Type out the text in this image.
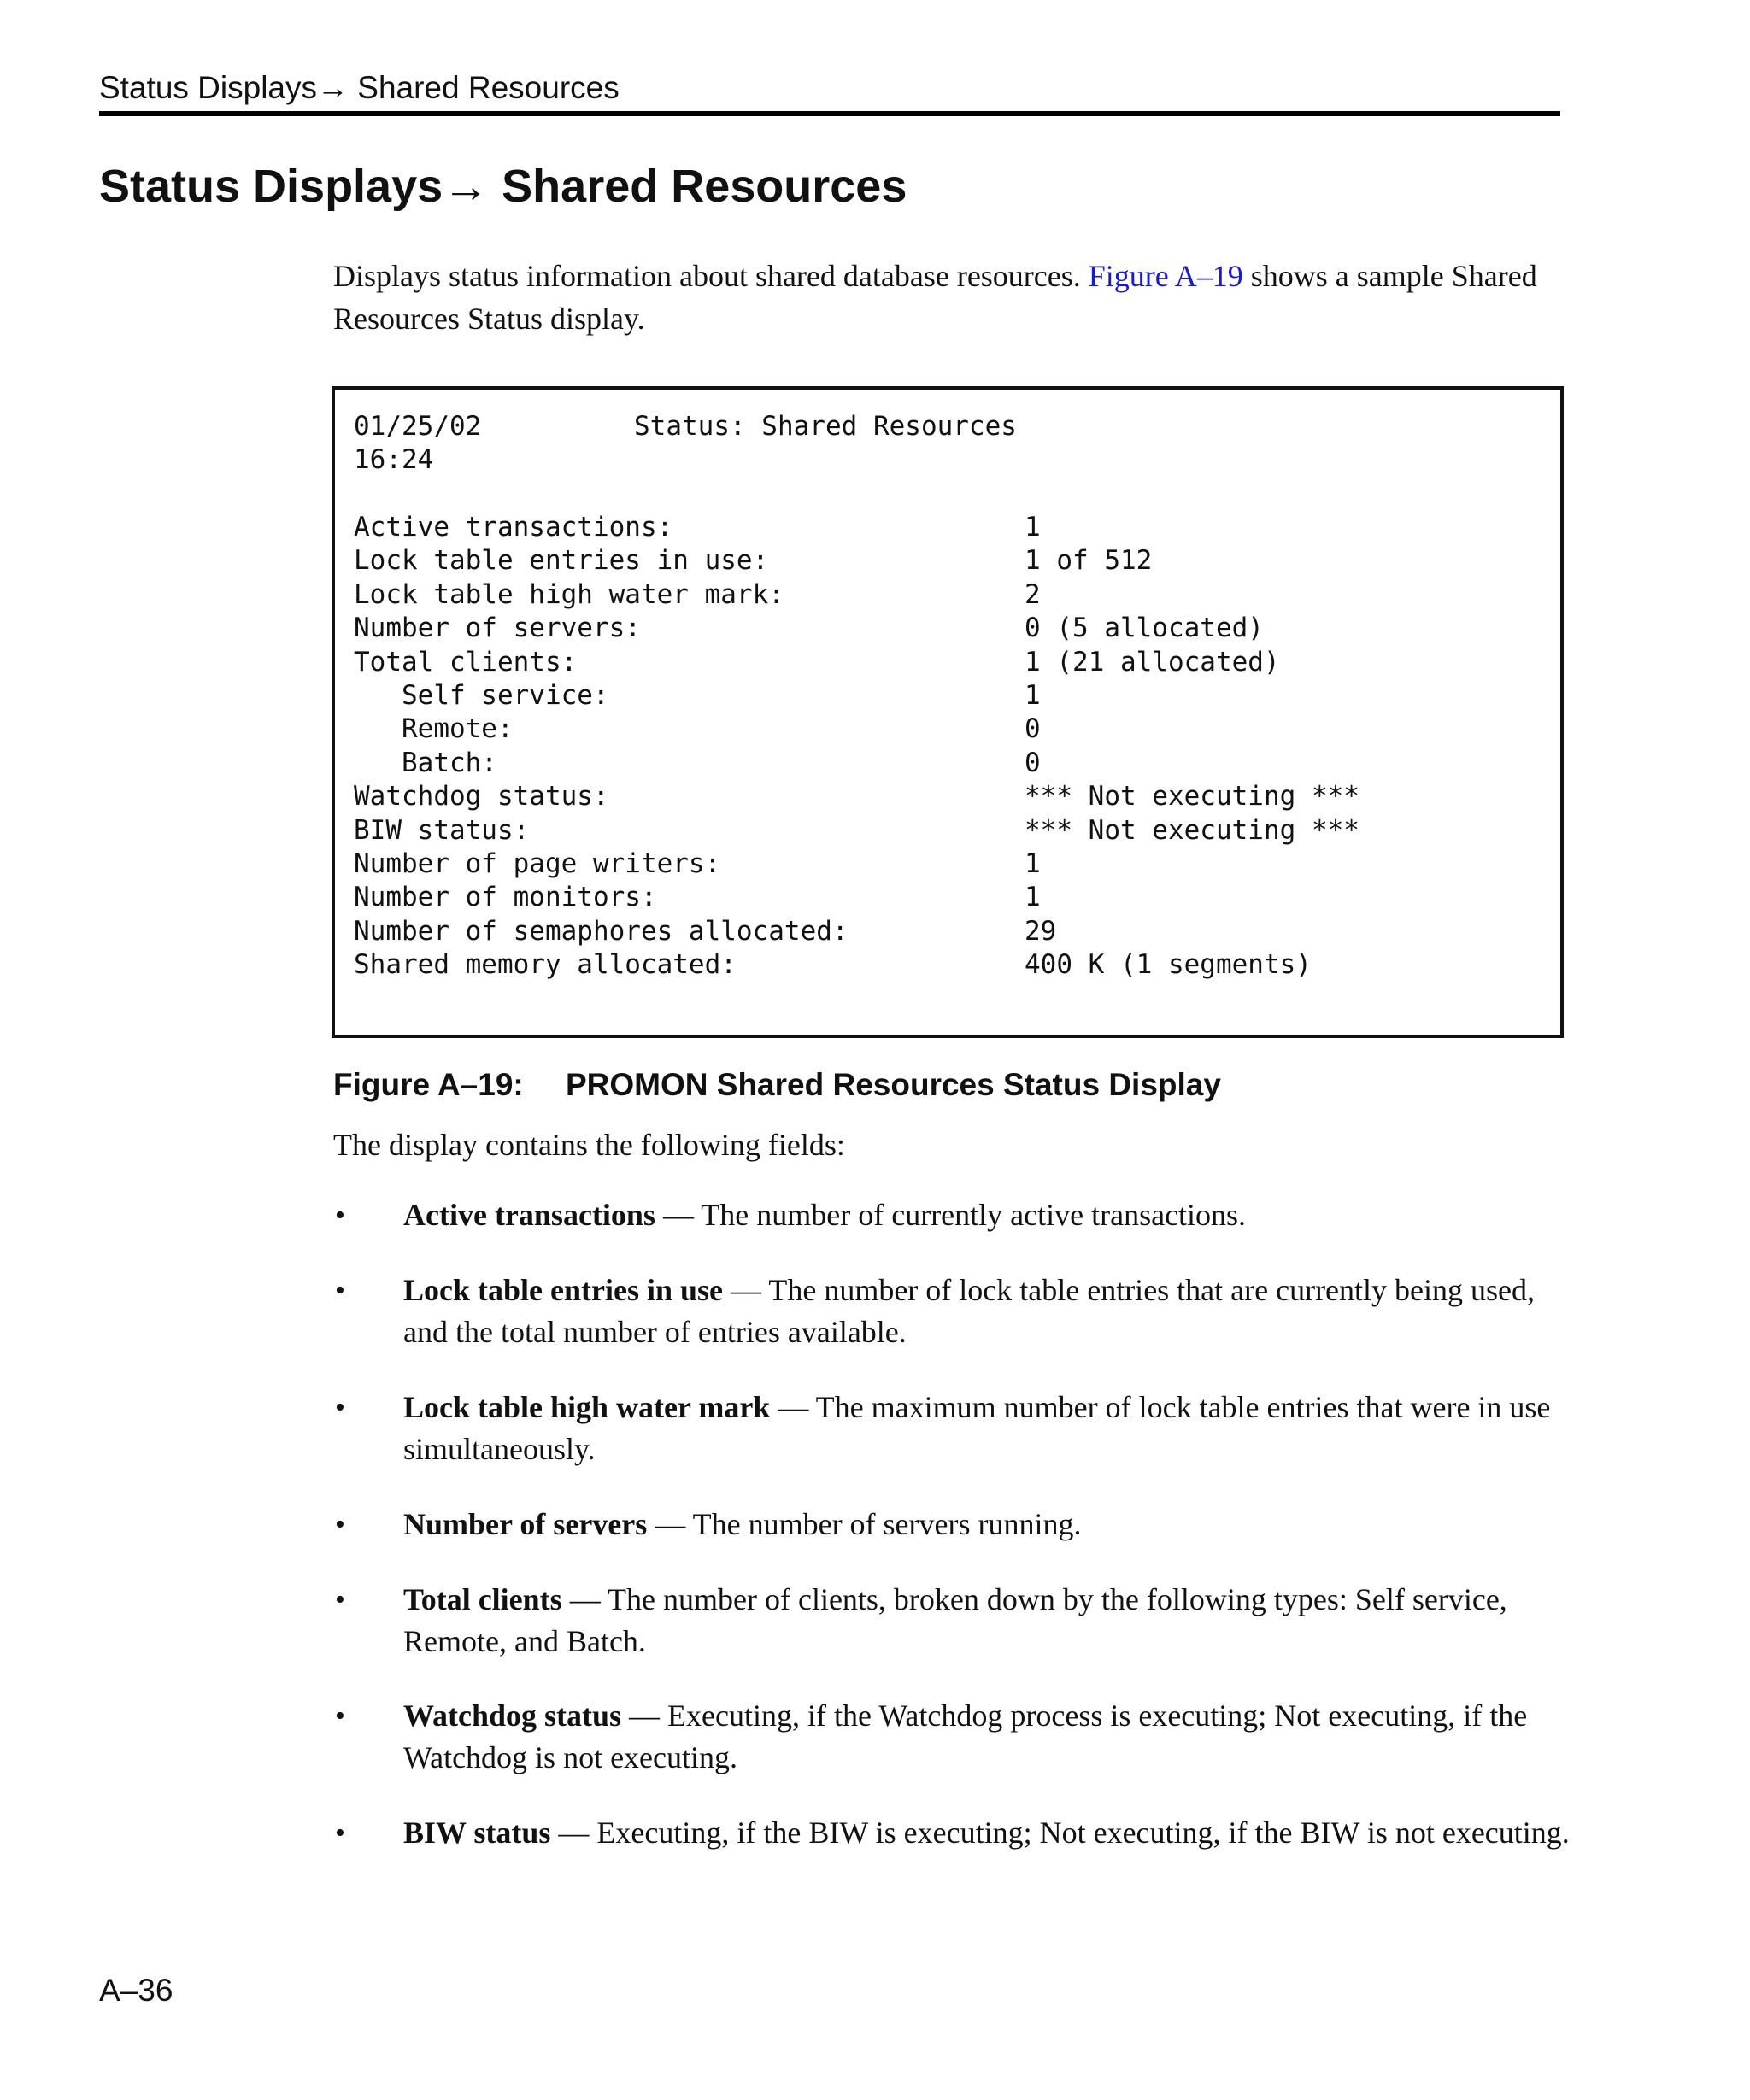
Status Displays→ Shared Resources
Status Displays→ Shared Resources

Displays status information about shared database resources. Figure A–19 shows a sample Shared Resources Status display.

01/25/02	Status: Shared Resources
16:24
Active transactions:	1
Lock table entries in use:	1 of 512
Lock table high water mark:	2
Number of servers:	0 (5 allocated)
Total clients:	1 (21 allocated)
Self service:	1
Remote:	0
Batch:	0
Watchdog status:	*** Not executing ***
BIW status:	*** Not executing ***
Number of page writers:	1
Number of monitors:	1
Number of semaphores allocated:	29
Shared memory allocated:	400 K (1 segments)
Figure A–19: PROMON Shared Resources Status Display

The display contains the following fields:

• Active transactions — The number of currently active transactions.
• Lock table entries in use — The number of lock table entries that are currently being used, and the total number of entries available.
• Lock table high water mark — The maximum number of lock table entries that were in use simultaneously.
• Number of servers — The number of servers running.
• Total clients — The number of clients, broken down by the following types: Self service, Remote, and Batch.
• Watchdog status — Executing, if the Watchdog process is executing; Not executing, if the Watchdog is not executing.
• BIW status — Executing, if the BIW is executing; Not executing, if the BIW is not executing.
A–36
